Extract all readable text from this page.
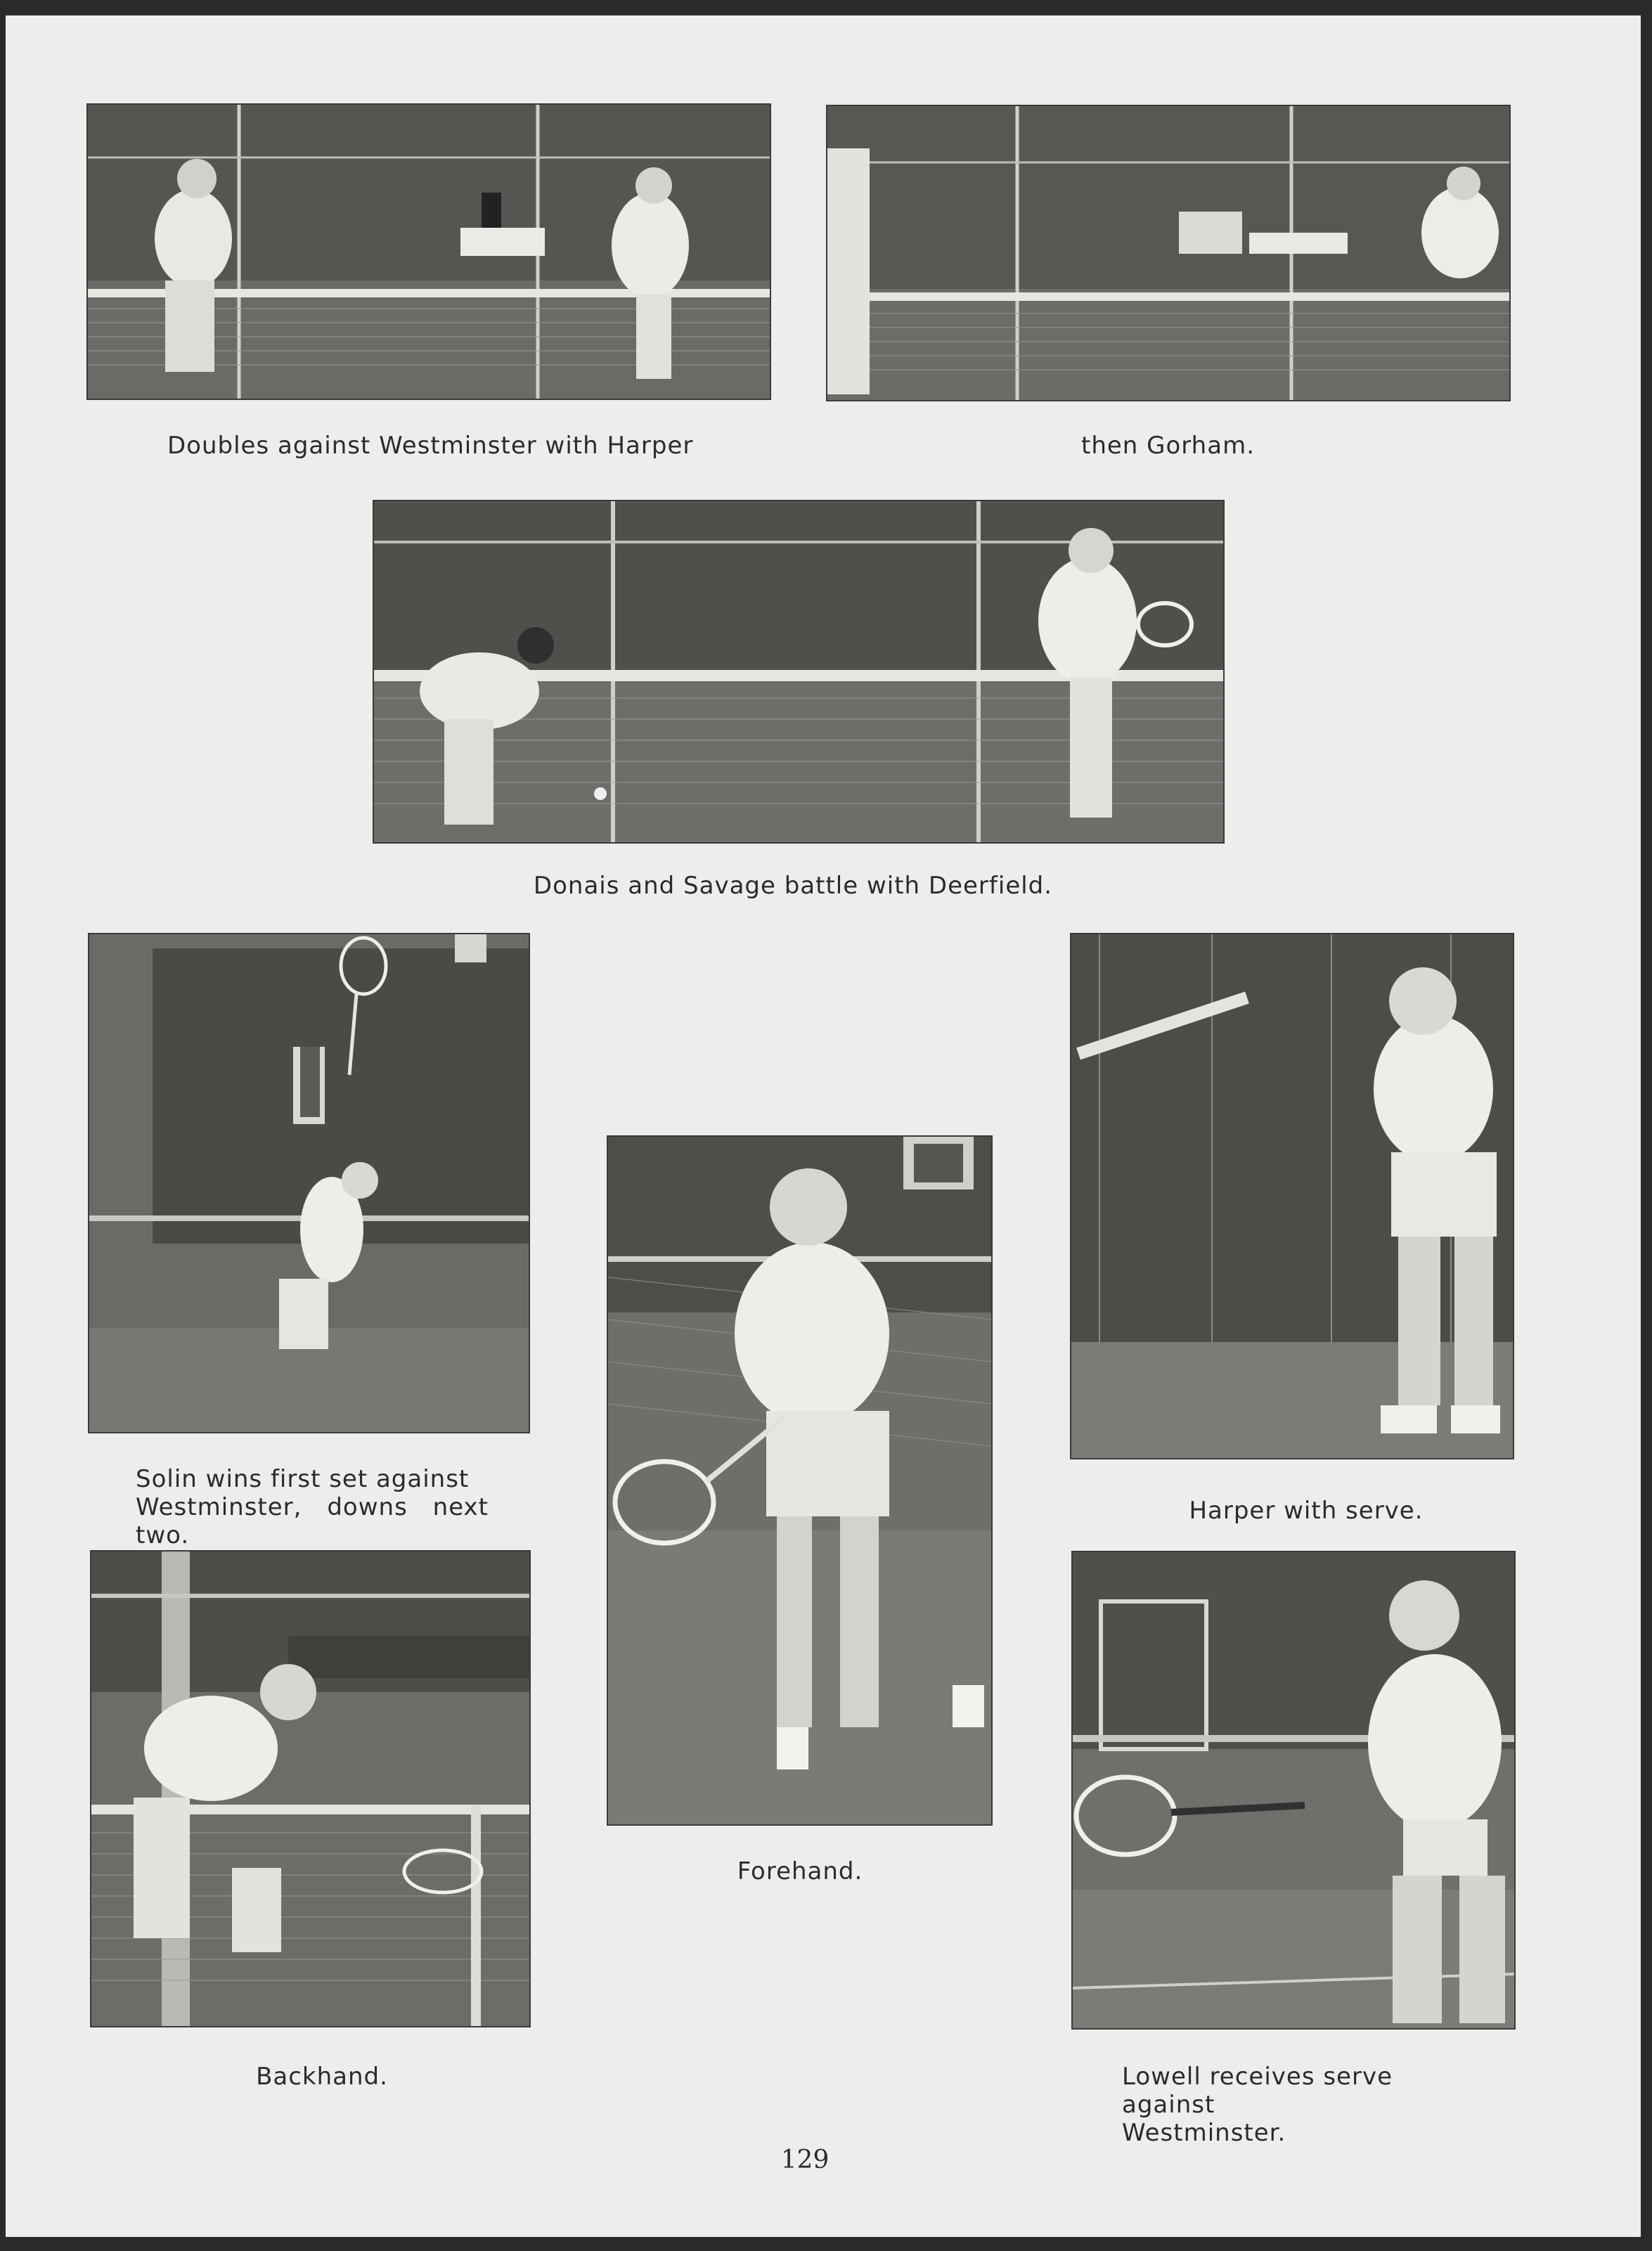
Doubles against Westminster with Harper	then Gorham.
Donais and Savage battle with Deerfield.
Solin wins first set against
Westminster, downs next two.
Forehand.
Harper with serve.
Backhand.	Lowell receives serve against
Westminster.
129
